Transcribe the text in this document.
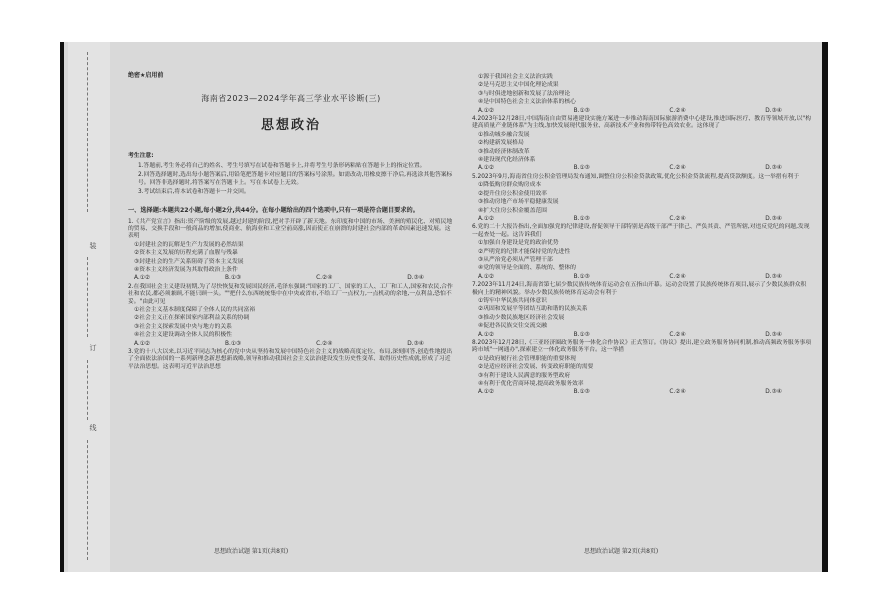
装
订
线
绝密★启用前
海南省2023—2024学年高三学业水平诊断(三)
思想政治
考生注意:
1.答题前,考生务必将自己的姓名、考生号填写在试卷和答题卡上,并将考生号条形码粘贴在答题卡上的指定位置。
2.回答选择题时,选出每小题答案后,用铅笔把答题卡对应题目的答案标号涂黑。如需改动,用橡皮擦干净后,再选涂其他答案标号。回答非选择题时,将答案写在答题卡上。写在本试卷上无效。
3.考试结束后,将本试卷和答题卡一并交回。
一、选择题:本题共22小题,每小题2分,共44分。在每小题给出的四个选项中,只有一项是符合题目要求的。
1.《共产党宣言》指出:资产阶级的发展,越过封建的阶段,把对手开辟了新天地。东印度和中国的市场、美洲的殖民化、对殖民地的贸易、交换手段和一般商品的增加,使商业、航海业和工业空前高涨,因而使正在崩溃的封建社会内部的革命因素迅速发展。这表明
①封建社会的瓦解是生产力发展的必然结果
②资本主义发展的历程充满了血腥与残暴
③封建社会的生产关系阻碍了资本主义发展
④资本主义经济发展为其取得政治上条件
A.①②	B.①③	C.②④	D.③④
2.在我国社会主义建设初期,为了尽快恢复和发展国民经济,毛泽东强调:"国家的工厂、国家的工人、工厂和工人,国家和农民,合作社和农民,都必须兼顾,不能只顾一头。""把什么东西统统集中在中央或省市,不给工厂一点权力,一点机动的余地,一点利益,恐怕不妥。"由此可见
①社会主义基本制度保障了全体人民的共同富裕
②社会主义正在探索国家内部利益关系的协调
③社会主义探索发展中央与地方的关系
④社会主义建设调动全体人民的积极性
A.①②	B.①③	C.②④	D.③④
3.党的十八大以来,以习近平同志为核心的党中央从坚持和发展中国特色社会主义的战略高度定位、布局,深刻回答,创造性地提出了全面依法治国的一系列新理念新思想新战略,领导和推动我国社会主义法治建设发生历史性变革、取得历史性成就,形成了习近平法治思想。这表明习近平法治思想
①源于我国社会主义法治实践
②是马克思主义中国化理论成果
③与时俱进地创新和发展了法治理论
④是中国特色社会主义法治体系的核心
A.①②	B.①③	C.②④	D.③④
4.2023年12月28日,中国海南自由贸易港建设实施方案进一步推动海南国际旅游消费中心建设,推进国际医疗、教育等领域开放,以"构建高质量产业链体系"为主线,加快发展现代服务业、高新技术产业和热带特色高效农业。这体现了
①推动城乡融合发展
②构建新发展格局
③推动经济体制改革
④建设现代化经济体系
A.①②	B.①③	C.②④	D.③④
5.2023年9月,海南省住房公积金管理局发布通知,调整住房公积金贷款政策,优化公积金贷款流程,提高贷款额度。这一举措有利于
①降低购房群众购房成本
②提升住房公积金使用效率
③推动房地产市场平稳健康发展
④扩大住房公积金覆盖范围
A.①②	B.①③	C.②④	D.③④
6.党的二十大报告指出,全面加强党的纪律建设,督促领导干部特别是高级干部严于律己、严负其责、严管所辖,对违反党纪的问题,发现一起查处一起。这告诉我们
①加强自身建设是党的政治优势
②严明党的纪律才能保持党的先进性
③从严治党必须从严管理干部
④党的领导是全面的、系统的、整体的
A.①②	B.①③	C.②④	D.③④
7.2023年11月24日,海南省第七届少数民族传统体育运动会在五指山开幕。运动会设置了民族传统体育项目,展示了少数民族群众积极向上的精神风貌。举办少数民族传统体育运动会有利于
①铸牢中华民族共同体意识
②巩固和发展平等团结互助和谐的民族关系
③推动少数民族地区经济社会发展
④促进各民族交往交流交融
A.①②	B.①③	C.②④	D.③④
8.2023年12月28日,《三亚经济圈政务服务一体化合作协议》正式签订。《协议》提出,建立政务服务协同机制,推动高频政务服务事项跨市域"一网通办",探索建立一体化政务服务平台。这一举措
①是政府履行社会管理职能的重要体现
②是适应经济社会发展、转变政府职能的需要
③有利于建设人民满意的服务型政府
④有利于优化营商环境,提高政务服务效率
A.①②	B.①③	C.②④	D.③④
思想政治试题 第1页(共8页)	思想政治试题 第2页(共8页)
